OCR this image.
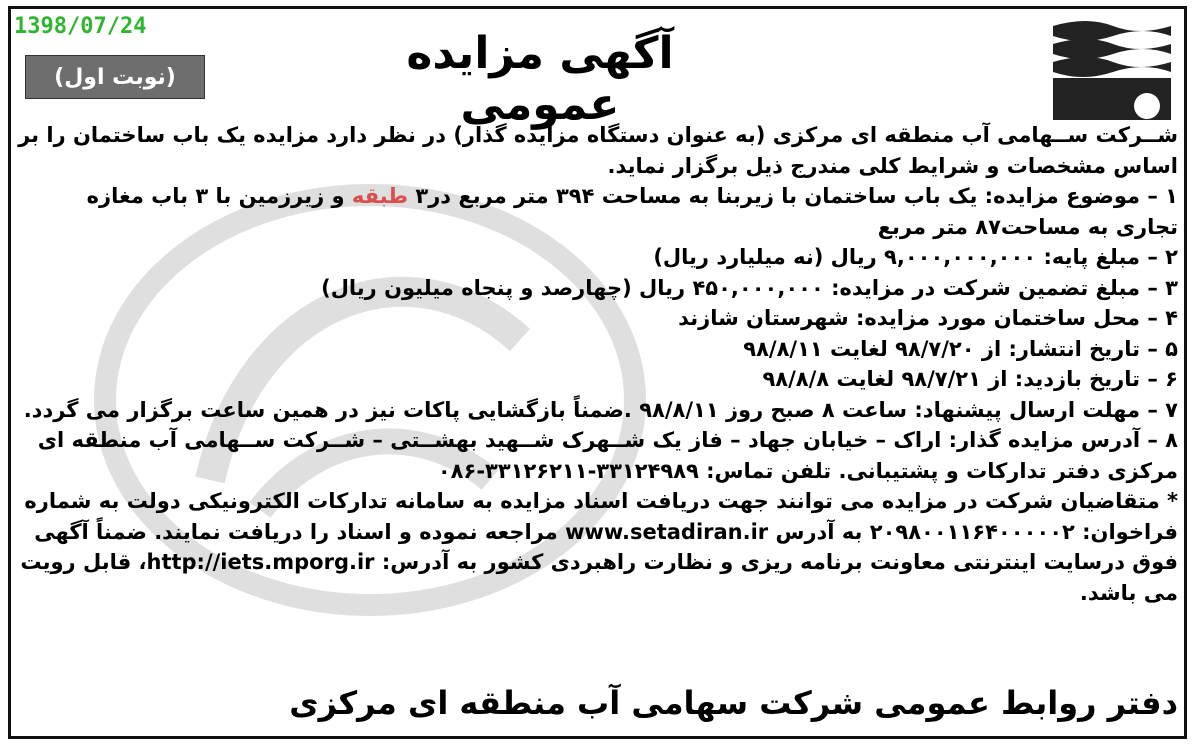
1398/07/24
آگهی مزایده عمومی
(نوبت اول)

شــرکت ســهامی آب منطقه ای مرکزی (به عنوان دستگاه مزایده گذار) در نظر دارد مزایده یک باب ساختمان را بر اساس مشخصات و شرایط کلی مندرج ذیل برگزار نماید.

۱ – موضوع مزایده: یک باب ساختمان با زیربنا به مساحت ۳۹۴ متر مربع در۳ طبقه و زیرزمین با ۳ باب مغازه تجاری به مساحت۸۷ متر مربع

۲ – مبلغ پایه: ۹,۰۰۰,۰۰۰,۰۰۰ ریال (نه میلیارد ریال)

۳ – مبلغ تضمین شرکت در مزایده: ۴۵۰,۰۰۰,۰۰۰ ریال (چهارصد و پنجاه میلیون ریال)

۴ – محل ساختمان مورد مزایده: شهرستان شازند

۵ – تاریخ انتشار: از ۹۸/۷/۲۰ لغایت ۹۸/۸/۱۱

۶ – تاریخ بازدید: از ۹۸/۷/۲۱ لغایت ۹۸/۸/۸

۷ – مهلت ارسال پیشنهاد: ساعت ۸ صبح روز ۹۸/۸/۱۱ .ضمناً بازگشایی پاکات نیز در همین ساعت برگزار می گردد.

۸ – آدرس مزایده گذار: اراک – خیابان جهاد – فاز یک شــهرک شــهید بهشــتی – شــرکت ســهامی آب منطقه ای مرکزی دفتر تدارکات و پشتیبانی. تلفن تماس: ۳۳۱۲۴۹۸۹-۳۳۱۲۶۲۱۱-۰۸۶

* متقاضیان شرکت در مزایده می توانند جهت دریافت اسناد مزایده به سامانه تدارکات الکترونیکی دولت به شماره فراخوان: ۲۰۹۸۰۰۱۱۶۴۰۰۰۰۰۲ به آدرس www.setadiran.ir مراجعه نموده و اسناد را دریافت نمایند. ضمناً آگهی فوق درسایت اینترنتی معاونت برنامه ریزی و نظارت راهبردی کشور به آدرس: http://iets.mporg.ir، قابل رویت می باشد.

دفتر روابط عمومی شرکت سهامی آب منطقه ای مرکزی
